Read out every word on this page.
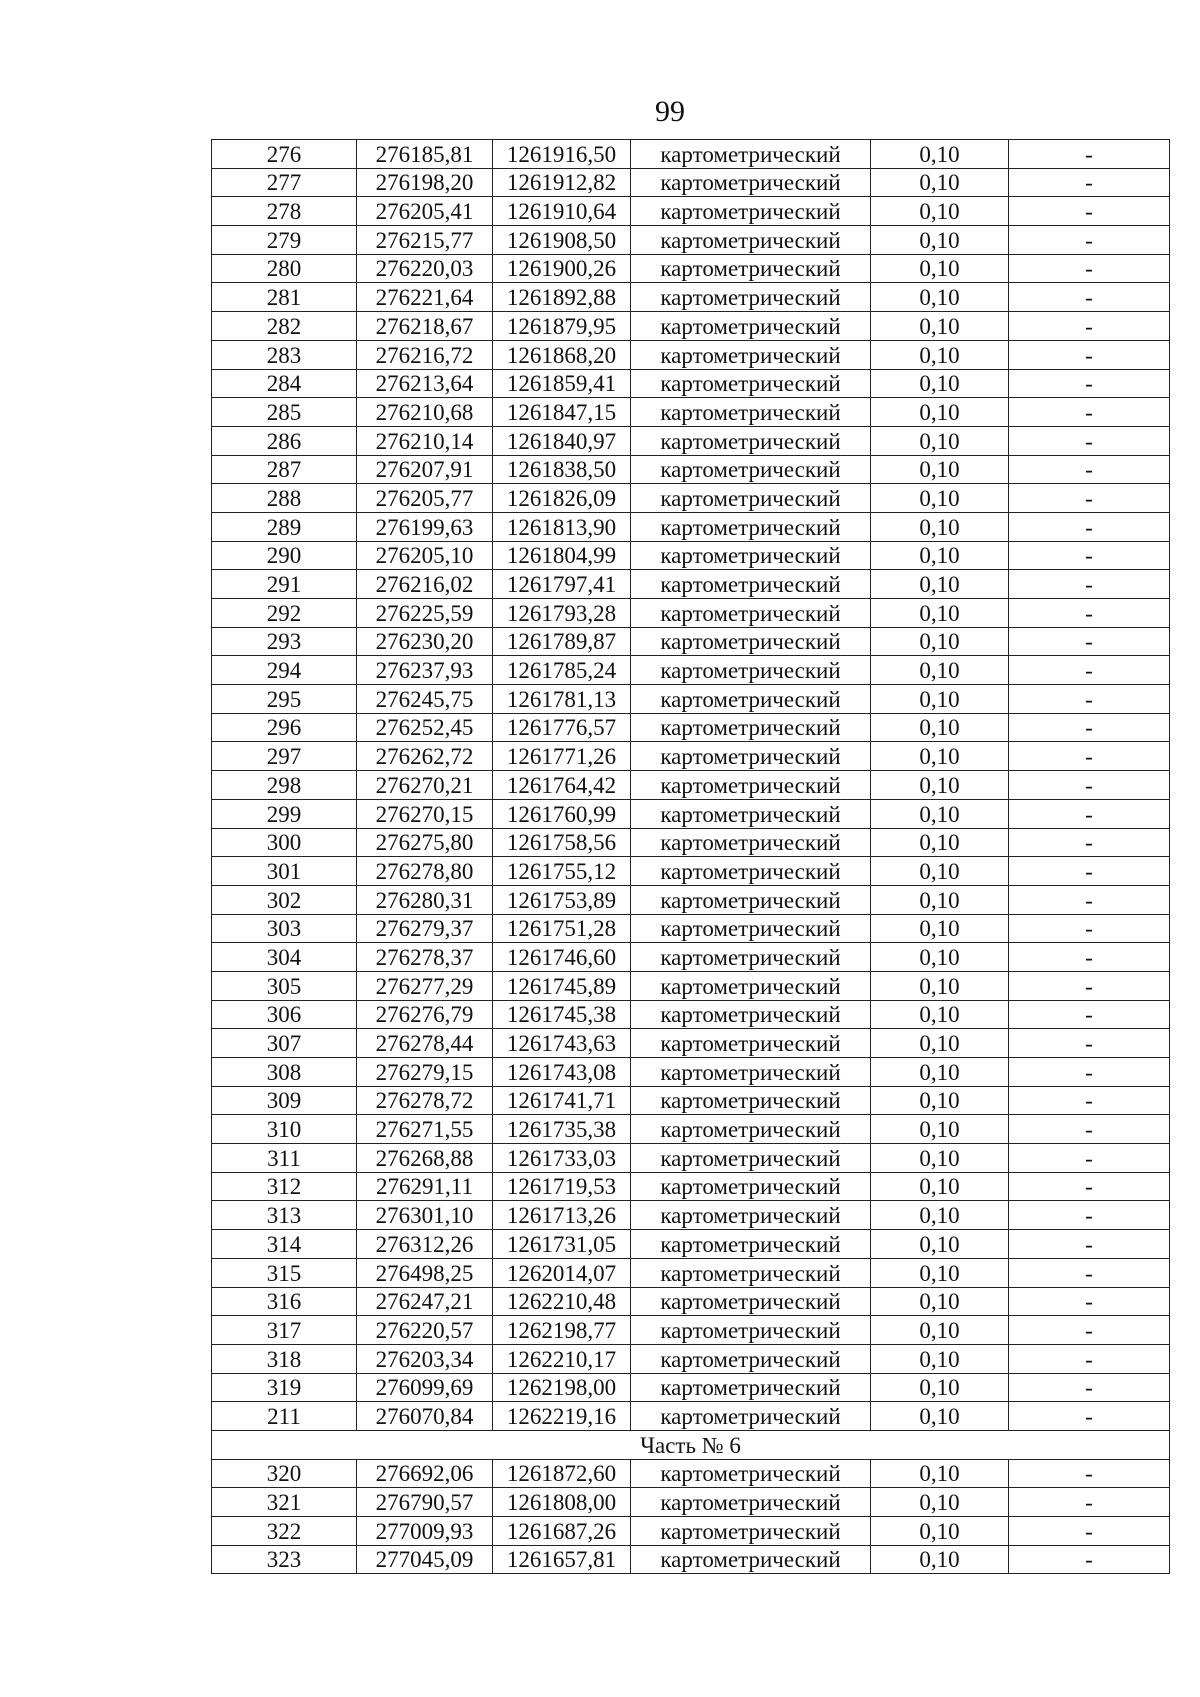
99
276	276185,81	1261916,50	картометрический	0,10	-
277	276198,20	1261912,82	картометрический	0,10	-
278	276205,41	1261910,64	картометрический	0,10	-
279	276215,77	1261908,50	картометрический	0,10	-
280	276220,03	1261900,26	картометрический	0,10	-
281	276221,64	1261892,88	картометрический	0,10	-
282	276218,67	1261879,95	картометрический	0,10	-
283	276216,72	1261868,20	картометрический	0,10	-
284	276213,64	1261859,41	картометрический	0,10	-
285	276210,68	1261847,15	картометрический	0,10	-
286	276210,14	1261840,97	картометрический	0,10	-
287	276207,91	1261838,50	картометрический	0,10	-
288	276205,77	1261826,09	картометрический	0,10	-
289	276199,63	1261813,90	картометрический	0,10	-
290	276205,10	1261804,99	картометрический	0,10	-
291	276216,02	1261797,41	картометрический	0,10	-
292	276225,59	1261793,28	картометрический	0,10	-
293	276230,20	1261789,87	картометрический	0,10	-
294	276237,93	1261785,24	картометрический	0,10	-
295	276245,75	1261781,13	картометрический	0,10	-
296	276252,45	1261776,57	картометрический	0,10	-
297	276262,72	1261771,26	картометрический	0,10	-
298	276270,21	1261764,42	картометрический	0,10	-
299	276270,15	1261760,99	картометрический	0,10	-
300	276275,80	1261758,56	картометрический	0,10	-
301	276278,80	1261755,12	картометрический	0,10	-
302	276280,31	1261753,89	картометрический	0,10	-
303	276279,37	1261751,28	картометрический	0,10	-
304	276278,37	1261746,60	картометрический	0,10	-
305	276277,29	1261745,89	картометрический	0,10	-
306	276276,79	1261745,38	картометрический	0,10	-
307	276278,44	1261743,63	картометрический	0,10	-
308	276279,15	1261743,08	картометрический	0,10	-
309	276278,72	1261741,71	картометрический	0,10	-
310	276271,55	1261735,38	картометрический	0,10	-
311	276268,88	1261733,03	картометрический	0,10	-
312	276291,11	1261719,53	картометрический	0,10	-
313	276301,10	1261713,26	картометрический	0,10	-
314	276312,26	1261731,05	картометрический	0,10	-
315	276498,25	1262014,07	картометрический	0,10	-
316	276247,21	1262210,48	картометрический	0,10	-
317	276220,57	1262198,77	картометрический	0,10	-
318	276203,34	1262210,17	картометрический	0,10	-
319	276099,69	1262198,00	картометрический	0,10	-
211	276070,84	1262219,16	картометрический	0,10	-
Часть № 6					
320	276692,06	1261872,60	картометрический	0,10	-
321	276790,57	1261808,00	картометрический	0,10	-
322	277009,93	1261687,26	картометрический	0,10	-
323	277045,09	1261657,81	картометрический	0,10	-
